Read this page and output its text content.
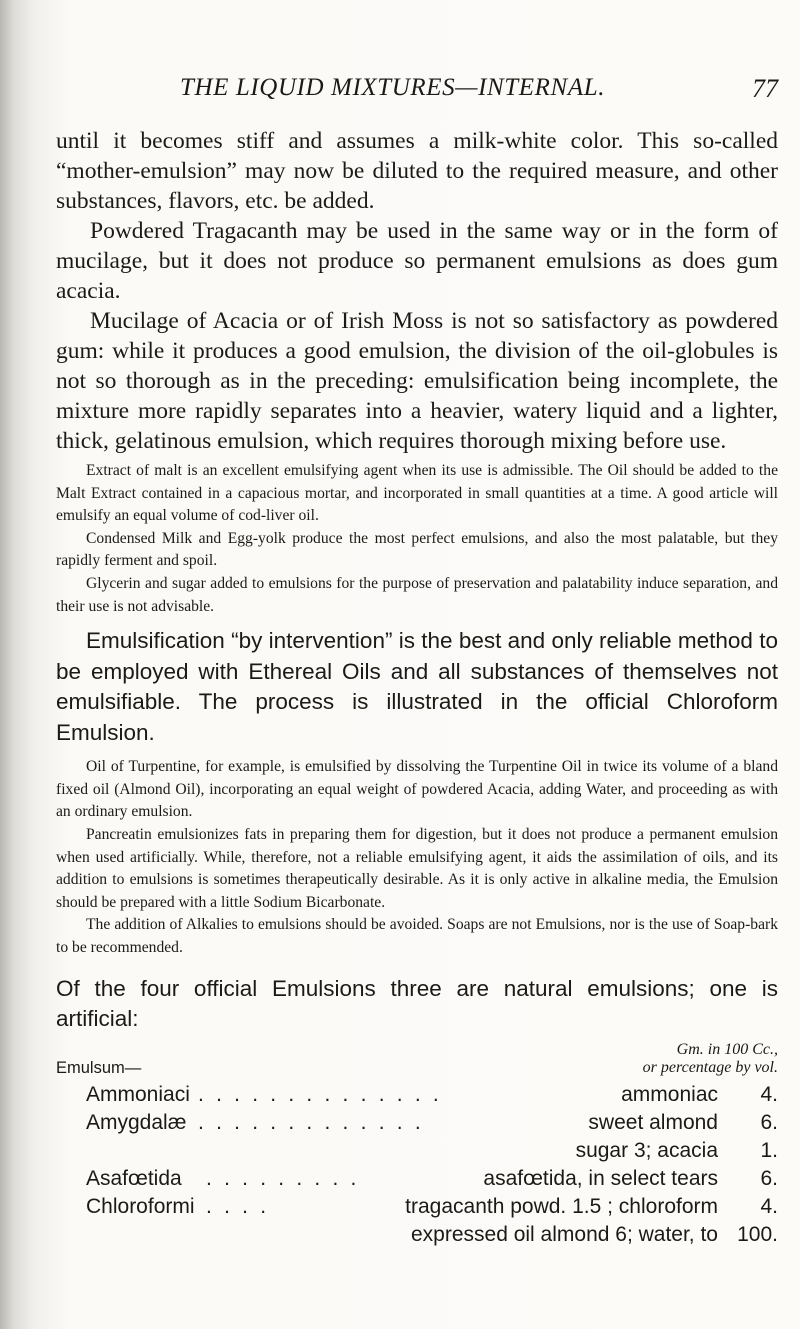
THE LIQUID MIXTURES—INTERNAL.	77

until it becomes stiff and assumes a milk-white color. This so-called “mother-emulsion” may now be diluted to the required measure, and other substances, flavors, etc. be added.

Powdered Tragacanth may be used in the same way or in the form of mucilage, but it does not produce so permanent emulsions as does gum acacia.

Mucilage of Acacia or of Irish Moss is not so satisfactory as powdered gum: while it produces a good emulsion, the division of the oil-globules is not so thorough as in the preceding: emulsification being incomplete, the mixture more rapidly separates into a heavier, watery liquid and a lighter, thick, gelatinous emulsion, which requires thorough mixing before use.

Extract of malt is an excellent emulsifying agent when its use is admissible. The Oil should be added to the Malt Extract contained in a capacious mortar, and incorporated in small quantities at a time. A good article will emulsify an equal volume of cod-liver oil.

Condensed Milk and Egg-yolk produce the most perfect emulsions, and also the most palatable, but they rapidly ferment and spoil.

Glycerin and sugar added to emulsions for the purpose of preservation and palatability induce separation, and their use is not advisable.

Emulsification “by intervention” is the best and only reliable method to be employed with Ethereal Oils and all substances of themselves not emulsifiable. The process is illustrated in the official Chloroform Emulsion.

Oil of Turpentine, for example, is emulsified by dissolving the Turpentine Oil in twice its volume of a bland fixed oil (Almond Oil), incorporating an equal weight of powdered Acacia, adding Water, and proceeding as with an ordinary emulsion.

Pancreatin emulsionizes fats in preparing them for digestion, but it does not produce a permanent emulsion when used artificially. While, therefore, not a reliable emulsifying agent, it aids the assimilation of oils, and its addition to emulsions is sometimes therapeutically desirable. As it is only active in alkaline media, the Emulsion should be prepared with a little Sodium Bicarbonate.

The addition of Alkalies to emulsions should be avoided. Soaps are not Emulsions, nor is the use of Soap-bark to be recommended.

Of the four official Emulsions three are natural emulsions; one is artificial:

Gm. in 100 Cc.,
or percentage by vol.
Emulsum—
Ammoniaci . . . . . . . . . . . . . .	ammoniac 4.
Amygdalæ . . . . . . . . . . . . .	sweet almond 6.
sugar 3; acacia 1.
Asafœtida . . . . . . . . .	asafœtida, in select tears 6.
Chloroformi . . . .	tragacanth powd. 1.5 ; chloroform 4.
expressed oil almond 6; water, to 100.
